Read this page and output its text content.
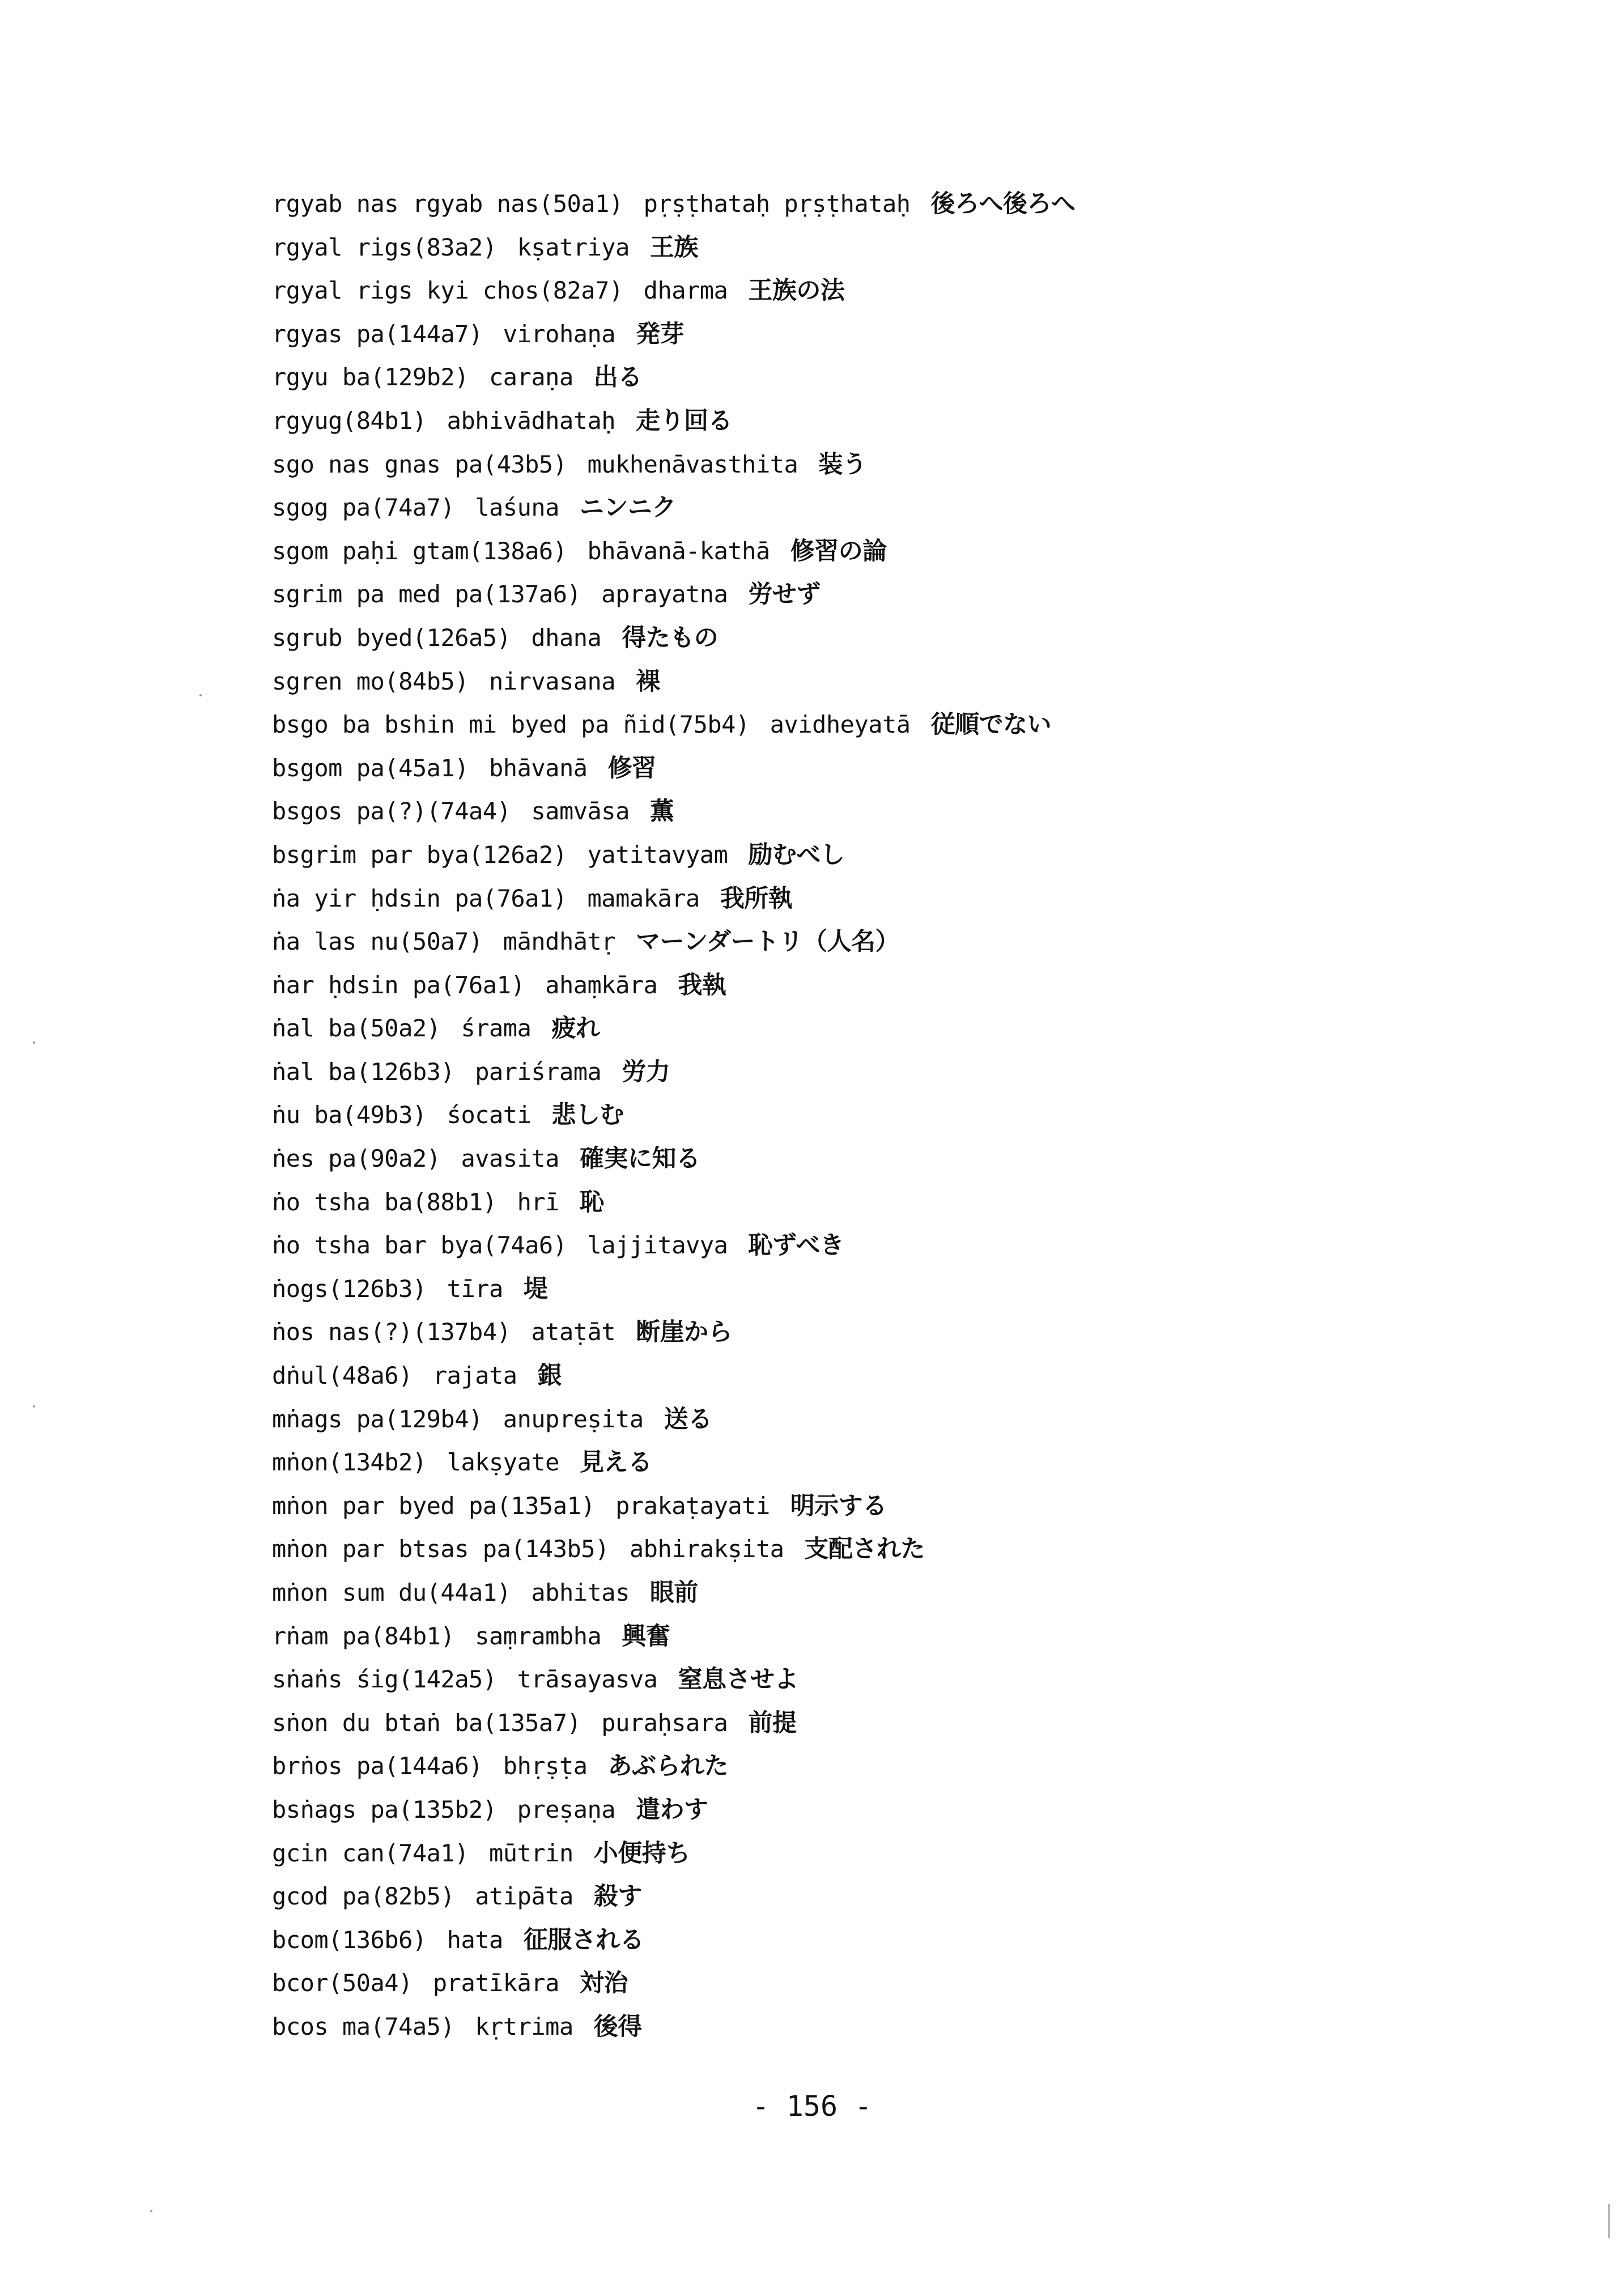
rgyab nas rgyab nas(50a1) pṛṣṭhataḥ pṛṣṭhataḥ 後ろへ後ろへ
rgyal rigs(83a2) kṣatriya 王族
rgyal rigs kyi chos(82a7) dharma 王族の法
rgyas pa(144a7) virohaṇa 発芽
rgyu ba(129b2) caraṇa 出る
rgyug(84b1) abhivādhataḥ 走り回る
sgo nas gnas pa(43b5) mukhenāvasthita 装う
sgog pa(74a7) laśuna ニンニク
sgom paḥi gtam(138a6) bhāvanā-kathā 修習の論
sgrim pa med pa(137a6) aprayatna 労せず
sgrub byed(126a5) dhana 得たもの
sgren mo(84b5) nirvasana 裸
bsgo ba bshin mi byed pa ñid(75b4) avidheyatā 従順でない
bsgom pa(45a1) bhāvanā 修習
bsgos pa(?)(74a4) samvāsa 薫
bsgrim par bya(126a2) yatitavyam 励むべし
ṅa yir ḥdsin pa(76a1) mamakāra 我所執
ṅa las nu(50a7) māndhātṛ マーンダートリ（人名）
ṅar ḥdsin pa(76a1) ahaṃkāra 我執
ṅal ba(50a2) śrama 疲れ
ṅal ba(126b3) pariśrama 労力
ṅu ba(49b3) śocati 悲しむ
ṅes pa(90a2) avasita 確実に知る
ṅo tsha ba(88b1) hrī 恥
ṅo tsha bar bya(74a6) lajjitavya 恥ずべき
ṅogs(126b3) tīra 堤
ṅos nas(?)(137b4) ataṭāt 断崖から
dṅul(48a6) rajata 銀
mṅags pa(129b4) anupreṣita 送る
mṅon(134b2) lakṣyate 見える
mṅon par byed pa(135a1) prakaṭayati 明示する
mṅon par btsas pa(143b5) abhirakṣita 支配された
mṅon sum du(44a1) abhitas 眼前
rṅam pa(84b1) saṃrambha 興奮
sṅaṅs śig(142a5) trāsayasva 窒息させよ
sṅon du btaṅ ba(135a7) puraḥsara 前提
brṅos pa(144a6) bhṛṣṭa あぶられた
bsṅags pa(135b2) preṣaṇa 遣わす
gcin can(74a1) mūtrin 小便持ち
gcod pa(82b5) atipāta 殺す
bcom(136b6) hata 征服される
bcor(50a4) pratīkāra 対治
bcos ma(74a5) kṛtrima 後得
- 156 -
